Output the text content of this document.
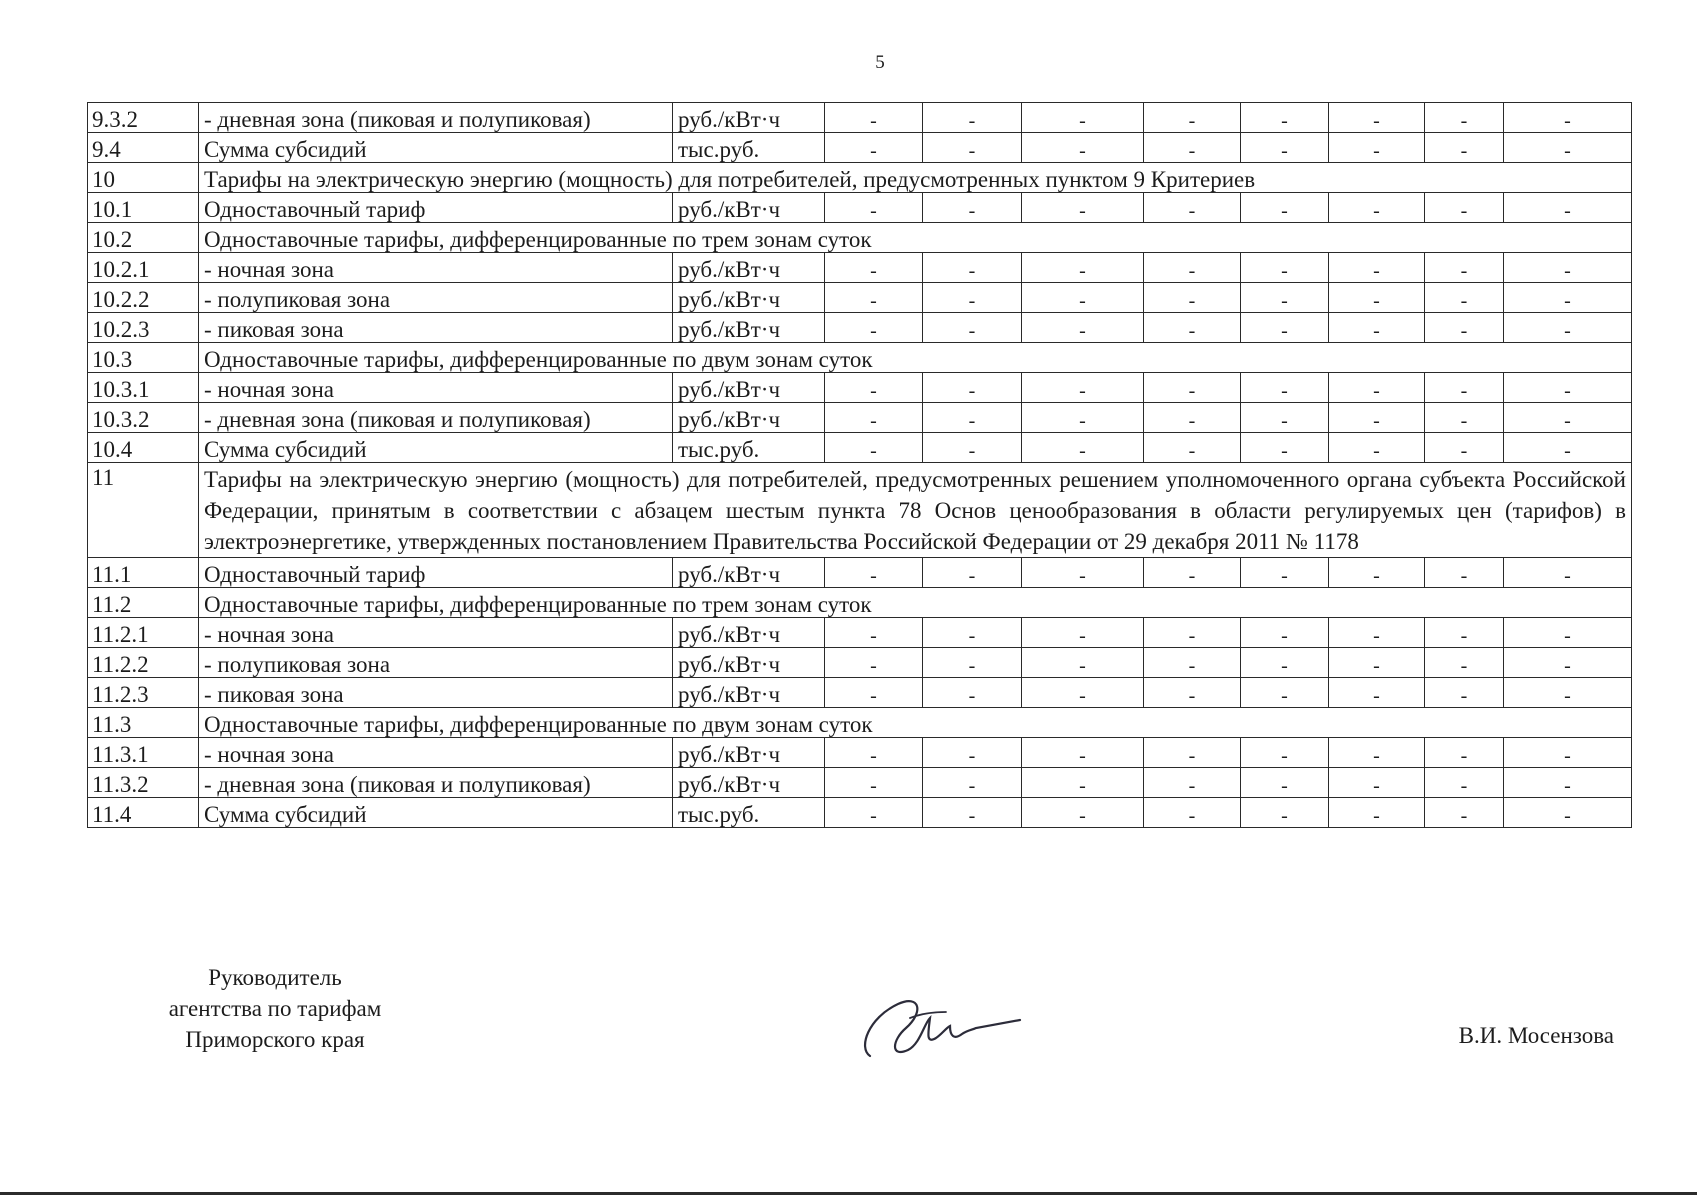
5
9.3.2	- дневная зона (пиковая и полупиковая)	руб./кВт·ч	-	-	-	-	-	-	-	-
9.4	Сумма субсидий	тыс.руб.	-	-	-	-	-	-	-	-
10	Тарифы на электрическую энергию (мощность) для потребителей, предусмотренных пунктом 9 Критериев									
10.1	Одноставочный тариф	руб./кВт·ч	-	-	-	-	-	-	-	-
10.2	Одноставочные тарифы, дифференцированные по трем зонам суток									
10.2.1	- ночная зона	руб./кВт·ч	-	-	-	-	-	-	-	-
10.2.2	- полупиковая зона	руб./кВт·ч	-	-	-	-	-	-	-	-
10.2.3	- пиковая зона	руб./кВт·ч	-	-	-	-	-	-	-	-
10.3	Одноставочные тарифы, дифференцированные по двум зонам суток									
10.3.1	- ночная зона	руб./кВт·ч	-	-	-	-	-	-	-	-
10.3.2	- дневная зона (пиковая и полупиковая)	руб./кВт·ч	-	-	-	-	-	-	-	-
10.4	Сумма субсидий	тыс.руб.	-	-	-	-	-	-	-	-
11	Тарифы на электрическую энергию (мощность) для потребителей, предусмотренных решением уполномоченного органа субъекта Российской Федерации, принятым в соответствии с абзацем шестым пункта 78 Основ ценообразования в области регулируемых цен (тарифов) в электроэнергетике, утвержденных постановлением Правительства Российской Федерации от 29 декабря 2011 № 1178									
11.1	Одноставочный тариф	руб./кВт·ч	-	-	-	-	-	-	-	-
11.2	Одноставочные тарифы, дифференцированные по трем зонам суток									
11.2.1	- ночная зона	руб./кВт·ч	-	-	-	-	-	-	-	-
11.2.2	- полупиковая зона	руб./кВт·ч	-	-	-	-	-	-	-	-
11.2.3	- пиковая зона	руб./кВт·ч	-	-	-	-	-	-	-	-
11.3	Одноставочные тарифы, дифференцированные по двум зонам суток									
11.3.1	- ночная зона	руб./кВт·ч	-	-	-	-	-	-	-	-
11.3.2	- дневная зона (пиковая и полупиковая)	руб./кВт·ч	-	-	-	-	-	-	-	-
11.4	Сумма субсидий	тыс.руб.	-	-	-	-	-	-	-	-
Руководитель
агентства по тарифам
Приморского края	В.И. Мосензова
